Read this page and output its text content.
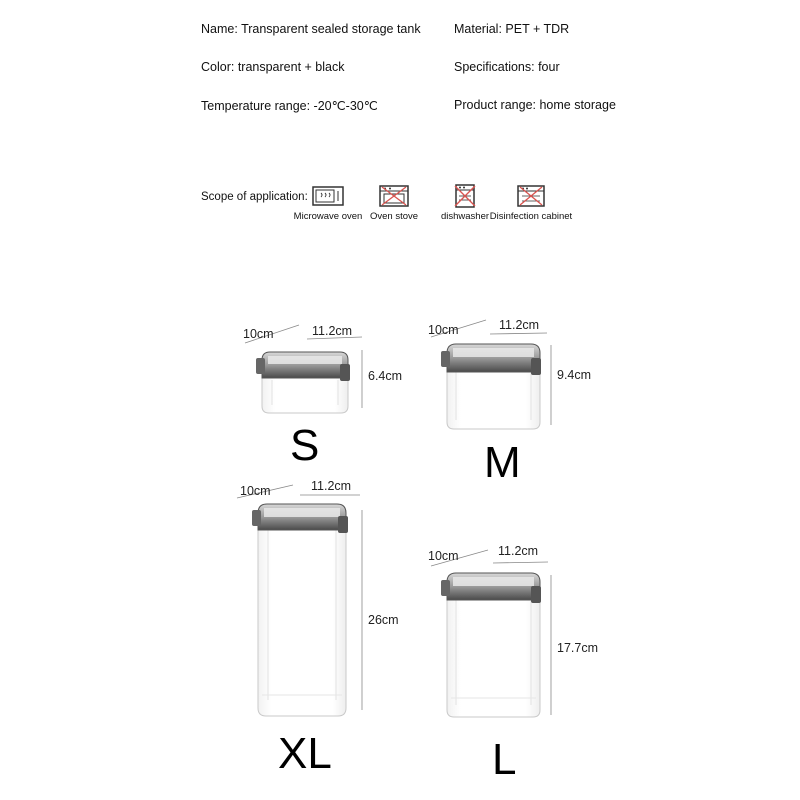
Name: Transparent sealed storage tank	Material: PET + TDR
Color: transparent + black	Specifications: four
Temperature range: -20℃-30℃	Product range: home storage
Scope of application:
Microwave oven Oven stove	dishwasher Disinfection cabinet
10cm	11.2cm
6.4cm
S
10cm	11.2cm
9.4cm
M
10cm	11.2cm
26cm
XL
10cm	11.2cm
17.7cm
L
